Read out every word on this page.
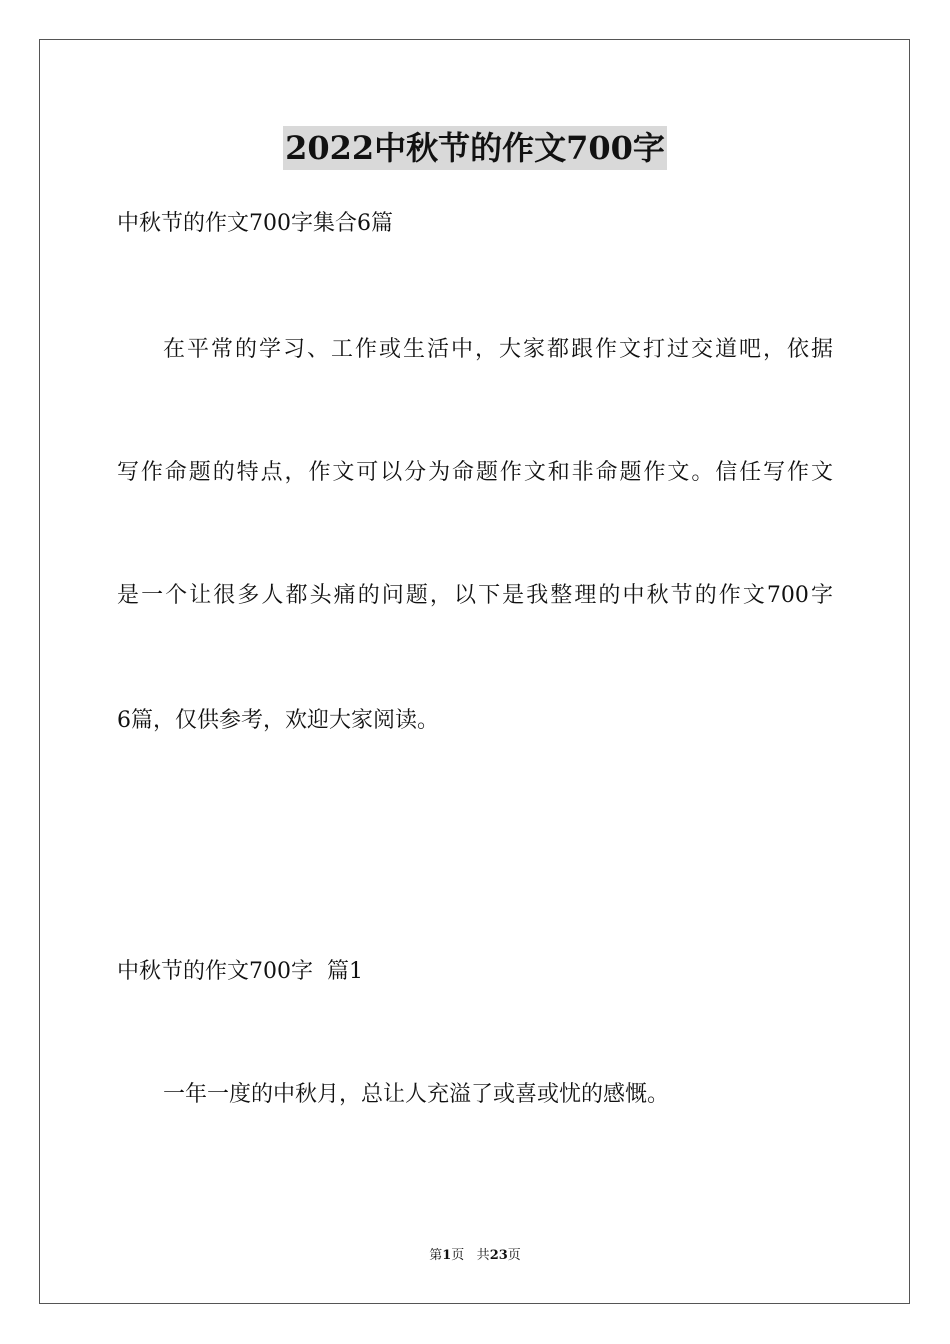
2022中秋节的作文700字
中秋节的作文700字集合6篇
在平常的学习、工作或生活中，大家都跟作文打过交道吧，依据
写作命题的特点，作文可以分为命题作文和非命题作文。信任写作文
是一个让很多人都头痛的问题，以下是我整理的中秋节的作文700字
6篇，仅供参考，欢迎大家阅读。
中秋节的作文700字  篇1
一年一度的中秋月，总让人充溢了或喜或忧的感慨。
第1页 共23页
